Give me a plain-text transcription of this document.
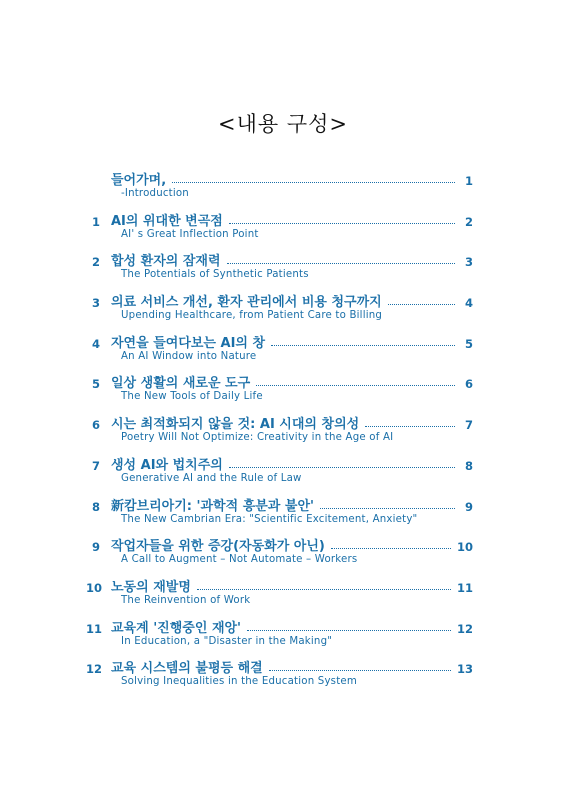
<내용 구성>
들어가며,	1
-Introduction
1 AI의 위대한 변곡점	2
AI' s Great Inflection Point
2 합성 환자의 잠재력	3
The Potentials of Synthetic Patients
3 의료 서비스 개선, 환자 관리에서 비용 청구까지	4
Upending Healthcare, from Patient Care to Billing
4 자연을 들여다보는 AI의 창	5
An AI Window into Nature
5 일상 생활의 새로운 도구	6
The New Tools of Daily Life
6 시는 최적화되지 않을 것: AI 시대의 창의성	7
Poetry Will Not Optimize: Creativity in the Age of AI
7 생성 AI와 법치주의	8
Generative AI and the Rule of Law
8 新캄브리아기: '과학적 흥분과 불안'	9
The New Cambrian Era: "Scientific Excitement, Anxiety"
9 작업자들을 위한 증강(자동화가 아닌)	10
A Call to Augment – Not Automate – Workers
10 노동의 재발명	11
The Reinvention of Work
11 교육계 '진행중인 재앙'	12
In Education, a "Disaster in the Making"
12 교육 시스템의 불평등 해결	13
Solving Inequalities in the Education System
